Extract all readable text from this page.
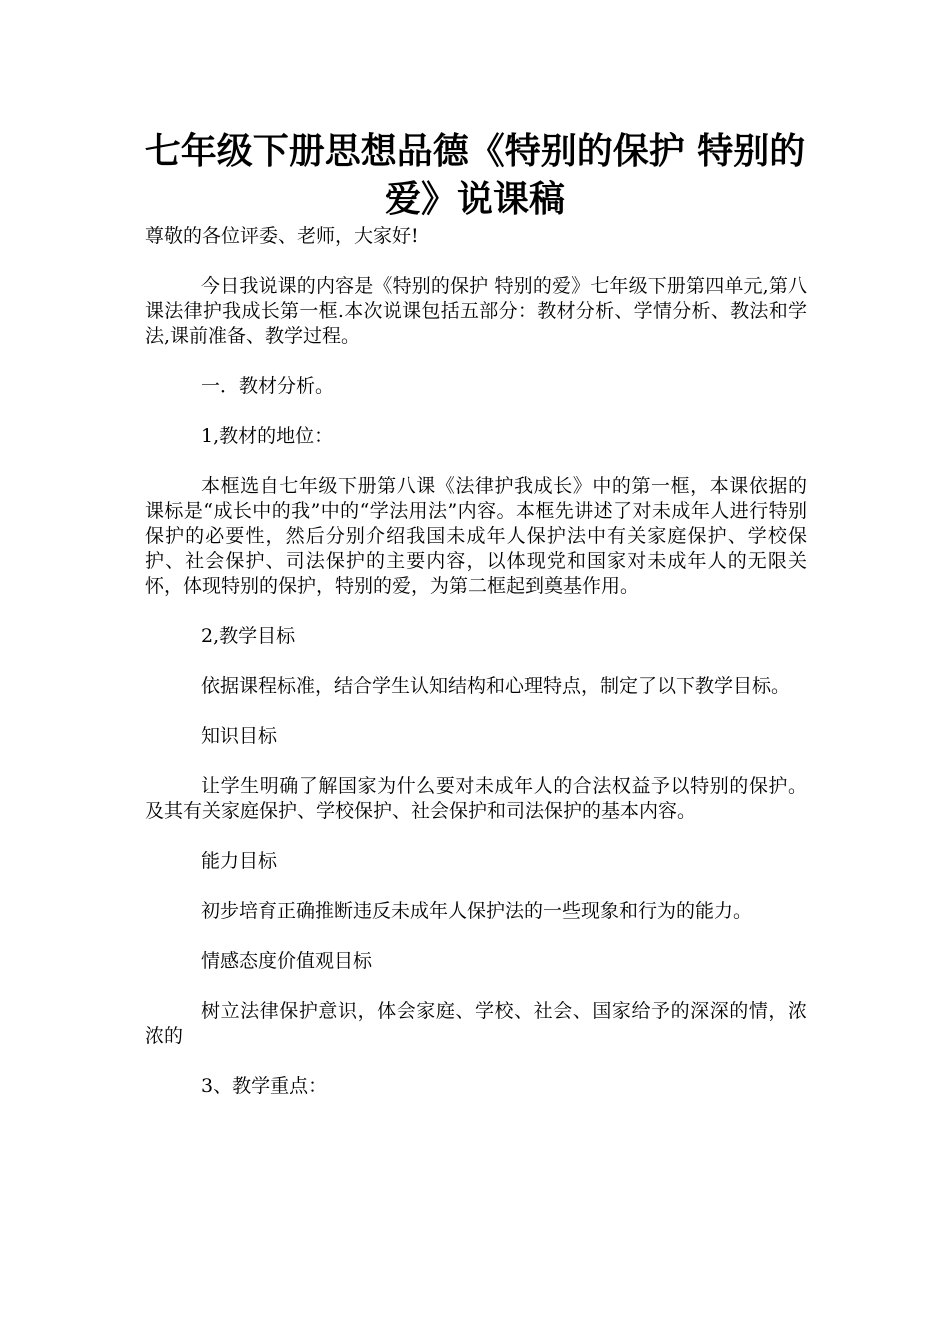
七年级下册思想品德《特别的保护 特别的爱》说课稿

尊敬的各位评委、老师，大家好!

今日我说课的内容是《特别的保护 特别的爱》七年级下册第四单元,第八课法律护我成长第一框.本次说课包括五部分：教材分析、学情分析、教法和学法,课前准备、教学过程。

一．教材分析。

1,教材的地位：

本框选自七年级下册第八课《法律护我成长》中的第一框，本课依据的课标是“成长中的我”中的“学法用法”内容。本框先讲述了对未成年人进行特别保护的必要性，然后分别介绍我国未成年人保护法中有关家庭保护、学校保护、社会保护、司法保护的主要内容，以体现党和国家对未成年人的无限关怀，体现特别的保护，特别的爱，为第二框起到奠基作用。

2,教学目标

依据课程标准，结合学生认知结构和心理特点，制定了以下教学目标。

知识目标

让学生明确了解国家为什么要对未成年人的合法权益予以特别的保护。及其有关家庭保护、学校保护、社会保护和司法保护的基本内容。

能力目标

初步培育正确推断违反未成年人保护法的一些现象和行为的能力。

情感态度价值观目标

树立法律保护意识，体会家庭、学校、社会、国家给予的深深的情，浓浓的

3、教学重点：
